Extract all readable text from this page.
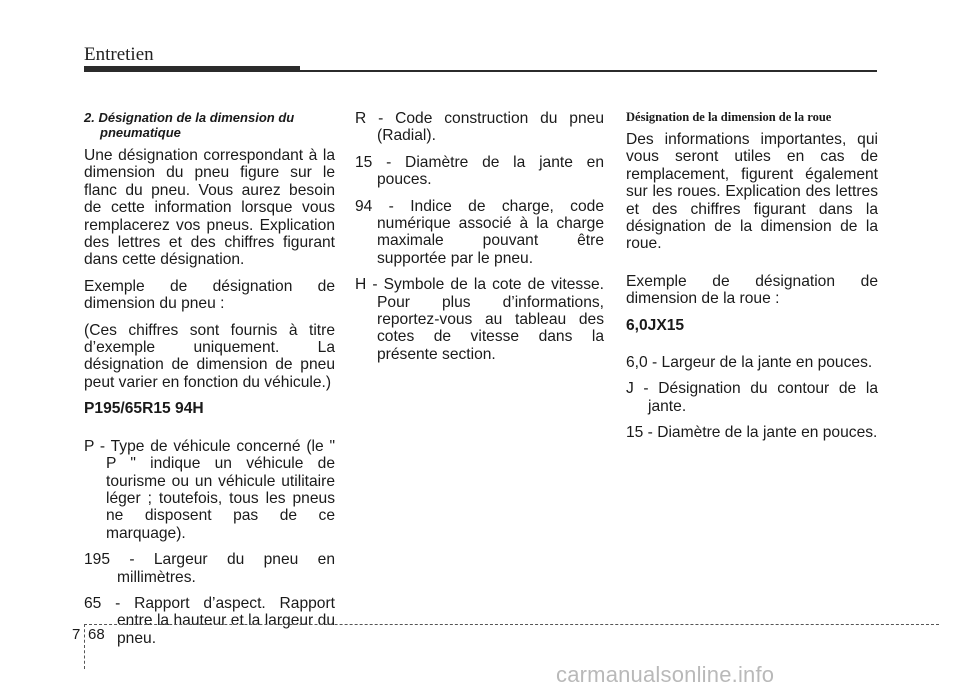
Entretien

2. Désignation de la dimension du pneumatique

Une désignation correspondant à la dimension du pneu figure sur le flanc du pneu. Vous aurez besoin de cette information lorsque vous remplacerez vos pneus. Explication des lettres et des chiffres figurant dans cette désignation.

Exemple de désignation de dimension du pneu :

(Ces chiffres sont fournis à titre d’exemple uniquement. La désignation de dimension de pneu peut varier en fonction du véhicule.)

P195/65R15 94H

P - Type de véhicule concerné (le " P " indique un véhicule de tourisme ou un véhicule utilitaire léger ; toutefois, tous les pneus ne disposent pas de ce marquage).

195 - Largeur du pneu en millimètres.

65 - Rapport d’aspect. Rapport entre la hauteur et la largeur du pneu.

R - Code construction du pneu (Radial).

15 - Diamètre de la jante en pouces.

94 - Indice de charge, code numérique associé à la charge maximale pouvant être supportée par le pneu.

H - Symbole de la cote de vitesse. Pour plus d’informations, reportez-vous au tableau des cotes de vitesse dans la présente section.

Désignation de la dimension de la roue

Des informations importantes, qui vous seront utiles en cas de remplacement, figurent également sur les roues. Explication des lettres et des chiffres figurant dans la désignation de la dimension de la roue.

Exemple de désignation de dimension de la roue :

6,0JX15

6,0 - Largeur de la jante en pouces.

J - Désignation du contour de la jante.

15 - Diamètre de la jante en pouces.

7 68
carmanualsonline.info
